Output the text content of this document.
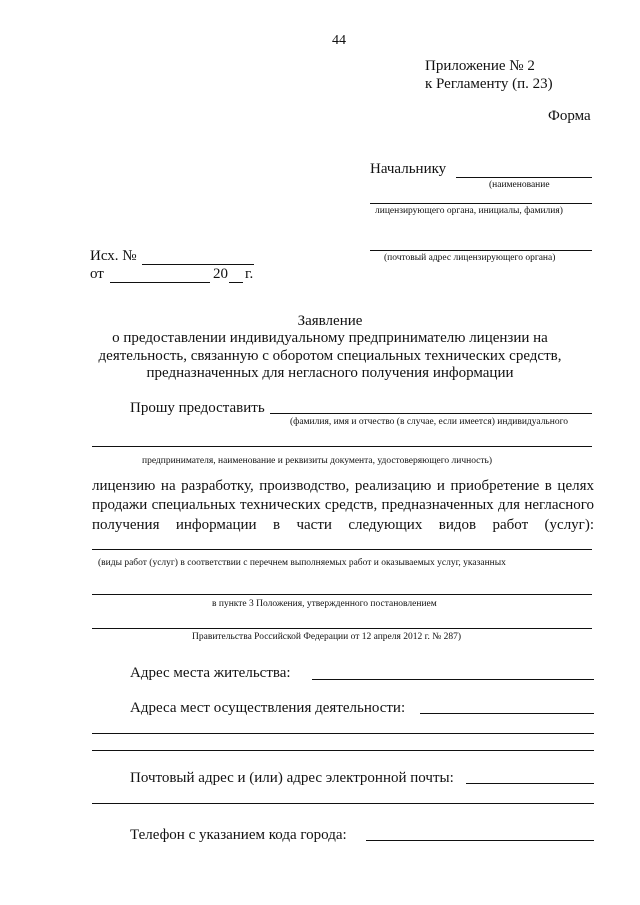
44
Приложение № 2
к Регламенту (п. 23)
Форма
Начальнику
(наименование
лицензирующего органа, инициалы, фамилия)
(почтовый адрес лицензирующего органа)
Исх. №
от	20 г.
Заявление
о предоставлении индивидуальному предпринимателю лицензии на
деятельность, связанную с оборотом специальных технических средств,
предназначенных для негласного получения информации
Прошу предоставить
(фамилия, имя и отчество (в случае, если имеется) индивидуального
предпринимателя, наименование и реквизиты документа, удостоверяющего личность)
лицензию на разработку, производство, реализацию и приобретение в целях
продажи специальных технических средств, предназначенных для негласного
получения информации в части следующих видов работ (услуг):
(виды работ (услуг) в соответствии с перечнем выполняемых работ и оказываемых услуг, указанных
в пункте 3 Положения, утвержденного постановлением
Правительства Российской Федерации от 12 апреля 2012 г. № 287)
Адрес места жительства:
Адреса мест осуществления деятельности:
Почтовый адрес и (или) адрес электронной почты:
Телефон с указанием кода города:
